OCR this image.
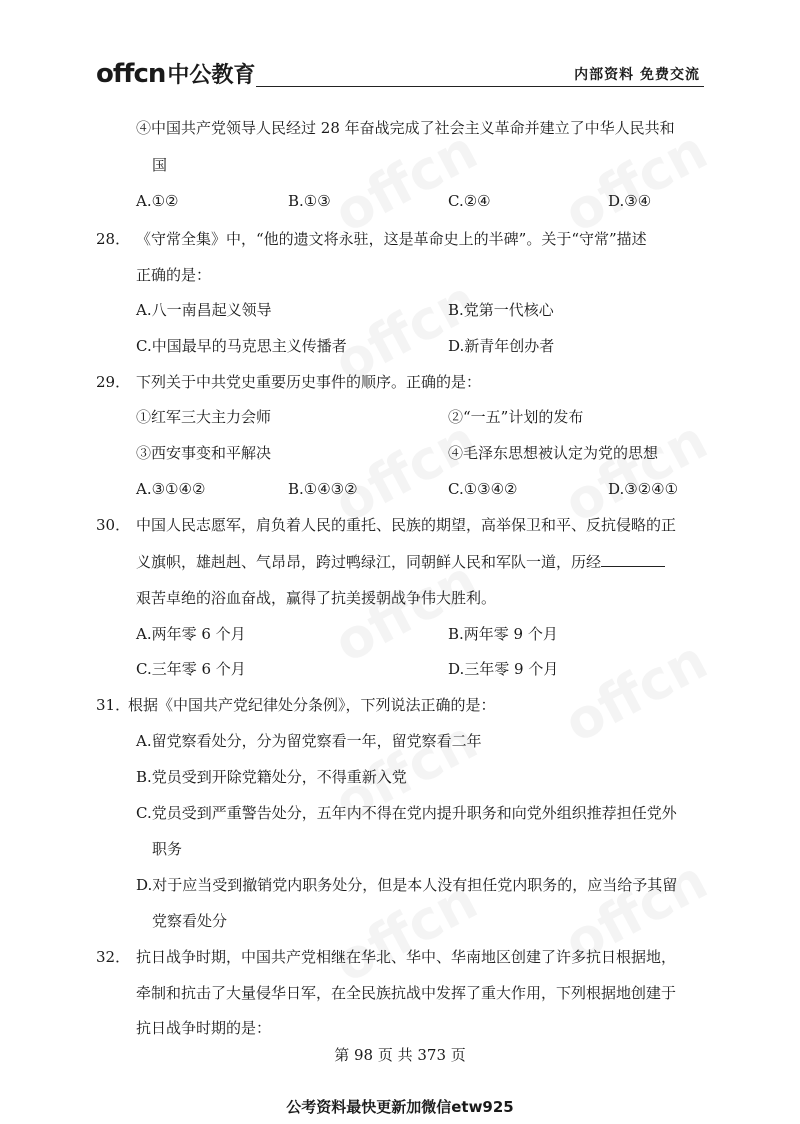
offcn 中公教育	内部资料 免费交流
④中国共产党领导人民经过 28 年奋战完成了社会主义革命并建立了中华人民共和
国
A.①②	B.①③	C.②④	D.③④
28． 《守常全集》中，“他的遗文将永驻，这是革命史上的半碑”。关于“守常”描述
正确的是：
A.八一南昌起义领导	B.党第一代核心
C.中国最早的马克思主义传播者	D.新青年创办者
29． 下列关于中共党史重要历史事件的顺序。正确的是：
①红军三大主力会师	②“一五”计划的发布
③西安事变和平解决	④毛泽东思想被认定为党的思想
A.③①④②	B.①④③②	C.①③④②	D.③②④①
30． 中国人民志愿军，肩负着人民的重托、民族的期望，高举保卫和平、反抗侵略的正
义旗帜，雄赳赳、气昂昂，跨过鸭绿江，同朝鲜人民和军队一道，历经
艰苦卓绝的浴血奋战，赢得了抗美援朝战争伟大胜利。
A.两年零 6 个月	B.两年零 9 个月
C.三年零 6 个月	D.三年零 9 个月
31．
根据《中国共产党纪律处分条例》，下列说法正确的是：
A.留党察看处分，分为留党察看一年，留党察看二年
B.党员受到开除党籍处分，不得重新入党
C.党员受到严重警告处分，五年内不得在党内提升职务和向党外组织推荐担任党外
职务
D.对于应当受到撤销党内职务处分，但是本人没有担任党内职务的，应当给予其留
党察看处分
32． 抗日战争时期，中国共产党相继在华北、华中、华南地区创建了许多抗日根据地，
牵制和抗击了大量侵华日军，在全民族抗战中发挥了重大作用，下列根据地创建于
抗日战争时期的是：
第 98 页 共 373 页
公考资料最快更新加微信etw925
